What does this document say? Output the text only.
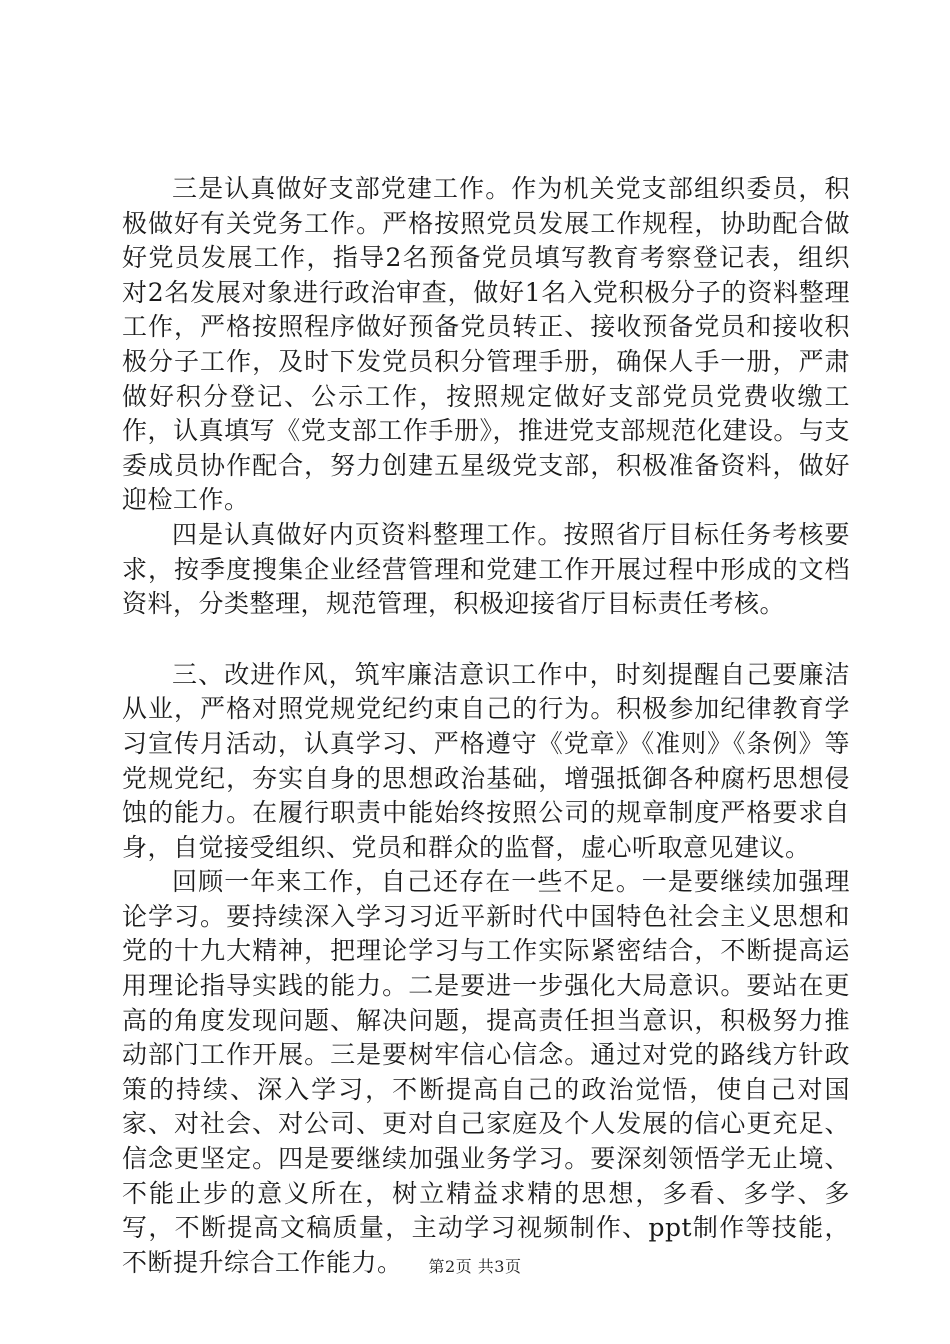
三是认真做好支部党建工作。作为机关党支部组织委员，积极做好有关党务工作。严格按照党员发展工作规程，协助配合做好党员发展工作，指导2名预备党员填写教育考察登记表，组织对2名发展对象进行政治审查，做好1名入党积极分子的资料整理工作，严格按照程序做好预备党员转正、接收预备党员和接收积极分子工作，及时下发党员积分管理手册，确保人手一册，严肃做好积分登记、公示工作，按照规定做好支部党员党费收缴工作，认真填写《党支部工作手册》，推进党支部规范化建设。与支委成员协作配合，努力创建五星级党支部，积极准备资料，做好迎检工作。

四是认真做好内页资料整理工作。按照省厅目标任务考核要求，按季度搜集企业经营管理和党建工作开展过程中形成的文档资料，分类整理，规范管理，积极迎接省厅目标责任考核。

三、改进作风，筑牢廉洁意识工作中，时刻提醒自己要廉洁从业，严格对照党规党纪约束自己的行为。积极参加纪律教育学习宣传月活动，认真学习、严格遵守《党章》《准则》《条例》等党规党纪，夯实自身的思想政治基础，增强抵御各种腐朽思想侵蚀的能力。在履行职责中能始终按照公司的规章制度严格要求自身，自觉接受组织、党员和群众的监督，虚心听取意见建议。

回顾一年来工作，自己还存在一些不足。一是要继续加强理论学习。要持续深入学习习近平新时代中国特色社会主义思想和党的十九大精神，把理论学习与工作实际紧密结合，不断提高运用理论指导实践的能力。二是要进一步强化大局意识。要站在更高的角度发现问题、解决问题，提高责任担当意识，积极努力推动部门工作开展。三是要树牢信心信念。通过对党的路线方针政策的持续、深入学习，不断提高自己的政治觉悟，使自己对国家、对社会、对公司、更对自己家庭及个人发展的信心更充足、信念更坚定。四是要继续加强业务学习。要深刻领悟学无止境、不能止步的意义所在，树立精益求精的思想，多看、多学、多写，不断提高文稿质量，主动学习视频制作、ppt制作等技能，不断提升综合工作能力。	第2页 共3页
